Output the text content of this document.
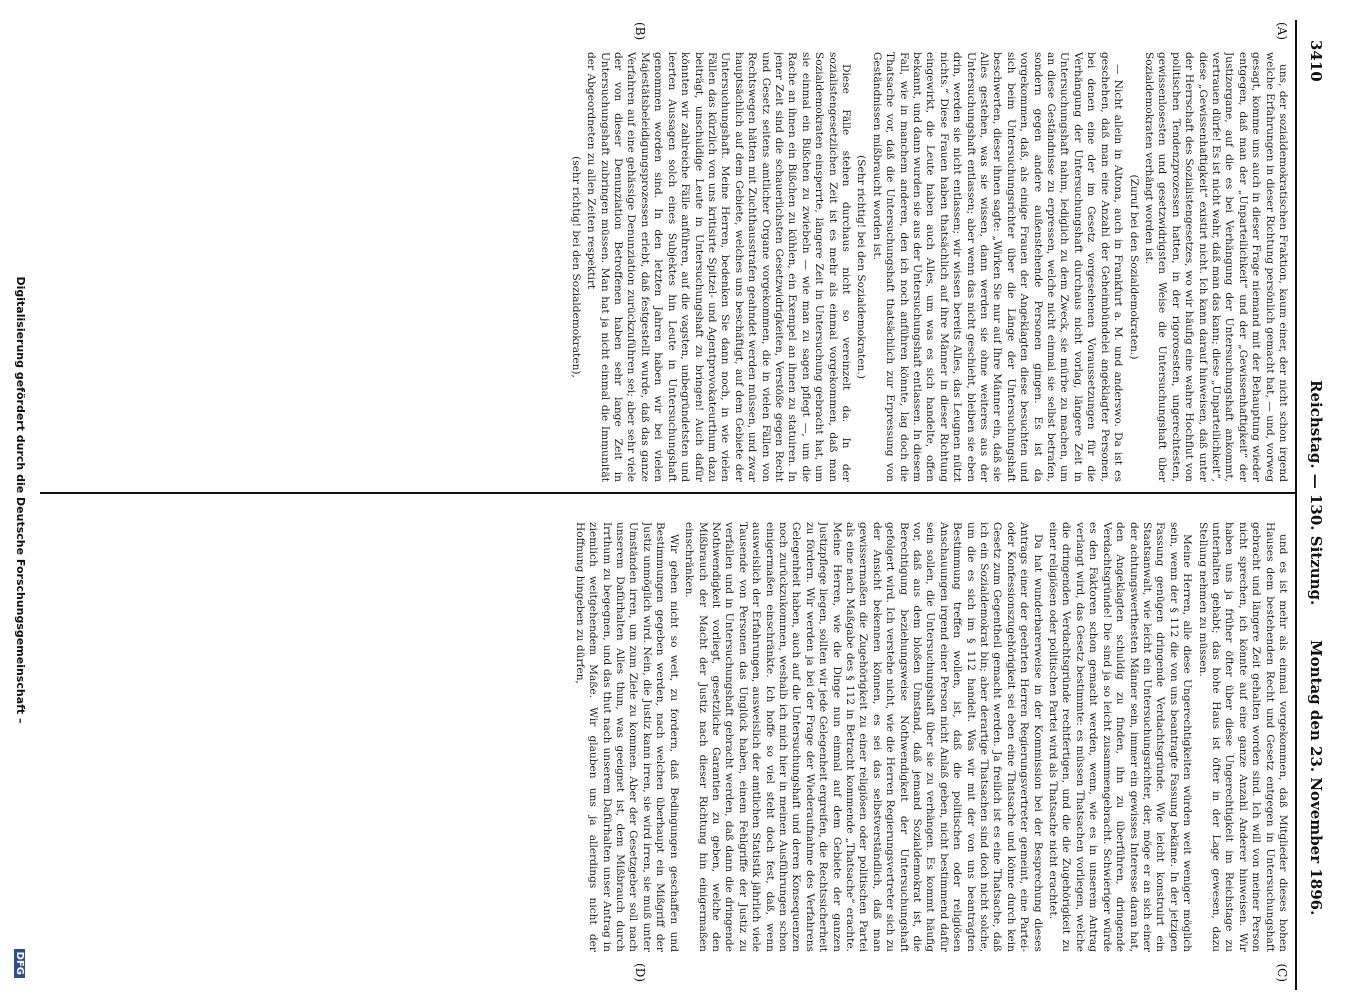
3410
Reichstag. — 130. Sitzung.
Montag den 23. November 1896.
(A)
(B)
(C)
(D)

uns, der sozialdemokratischen Fraktion, kaum einer, der nicht schon irgend welche Erfahrungen in dieser Richtung persönlich gemacht hat, — und, vorweg gesagt, komme uns auch in dieser Frage niemand mit der Behauptung wieder entgegen, daß man der „Unparteilichkeit“ und der „Gewissenhaftigkeit“ der Justizorgane, auf die es bei Verhängung der Untersuchungshaft ankommt, vertrauen dürfe! Es ist nicht wahr, daß man das kann; diese „Unparteilichkeit“, diese „Gewissenhaftigkeit“ existirt nicht. Ich kann darauf hinweisen, daß unter der Herrschaft des Sozialistengesetzes, wo wir häufig eine wahre Hochflut von politischen Tendenzprozessen hatten, in der rigorosesten, ungerechtesten, gewissenlosesten und gesetzwidrigsten Weise die Untersuchungshaft über Sozialdemokraten verhängt worden ist.

(Zuruf bei den Sozialdemokraten.)

— Nicht allein in Altona, auch in Frankfurt a. M. und anderswo. Da ist es geschehen, daß man eine Anzahl der Geheimbündelei angeklagter Personen, bei denen eine der im Gesetz vorgesehenen Voraussetzungen für die Verhängung der Untersuchungshaft durchaus nicht vorlag, längere Zeit in Untersuchungshaft nahm, lediglich zu dem Zweck, sie mürbe zu machen, um an diese Geständnisse zu erpressen, welche nicht einmal sie selbst betrafen, sondern gegen andere außenstehende Personen gingen. Es ist da vorgekommen, daß, als einige Frauen der Angeklagten diese besuchten und sich beim Untersuchungsrichter über die Länge der Untersuchungshaft beschwerten, dieser ihnen sagte: „Wirken Sie nur auf Ihre Männer ein, daß sie Alles gestehen, was sie wissen, dann werden sie ohne weiteres aus der Untersuchungshaft entlassen; aber wenn das nicht geschieht, bleiben sie eben drin, werden sie nicht entlassen; wir wissen bereits Alles, das Leugnen nützt nichts.“ Diese Frauen haben thatsächlich auf ihre Männer in dieser Richtung eingewirkt, die Leute haben auch Alles, um was es sich handelte, offen bekannt, und dann wurden sie aus der Untersuchungshaft entlassen. In diesem Fall, wie in manchem anderen, den ich noch anführen könnte, lag doch die Thatsache vor, daß die Untersuchungshaft thatsächlich zur Erpressung von Geständnissen mißbraucht worden ist.

(Sehr richtig! bei den Sozialdemokraten.)

Diese Fälle stehen durchaus nicht so vereinzelt da. In der sozialistengesetzlichen Zeit ist es mehr als einmal vorgekommen, daß man Sozialdemokraten einsperrte, längere Zeit in Untersuchung gebracht hat, um sie einmal ein Bißchen zu zwiebeln — wie man zu sagen pflegt —, um die Rache an ihnen ein Bißchen zu kühlen, ein Exempel an ihnen zu statuiren. In jener Zeit sind die schauerlichsten Gesetzwidrigkeiten, Verstöße gegen Recht und Gesetz seitens amtlicher Organe vorgekommen, die in vielen Fällen von Rechtswegen hätten mit Zuchthausstrafen geahndet werden müssen, und zwar hauptsächlich auf dem Gebiete, welches uns beschäftigt, auf dem Gebiete der Untersuchungshaft. Meine Herren, bedenken Sie dann noch, in wie vielen Fällen das kürzlich von uns kritisirte Spitzel- und Agentprovokateurthum dazu beiträgt, unschuldige Leute in Untersuchungshaft zu bringen! Auch dafür könnten wir zahlreiche Fälle anführen, auf die vagsten, unbegründetsten und leerten Aussagen solch eines Subjektes hin Leute in Untersuchungshaft genommen worden sind. In den letzten Jahren haben wir bei vielen Majestätsbeleidigungsprozessen erlebt, daß festgestellt wurde, daß das ganze Verfahren auf eine gehässige Denunziation zurückzuführen sei; aber sehr viele der von dieser Denunziation Betroffenen haben sehr lange Zeit in Untersuchungshaft zubringen müssen. Man hat ja nicht einmal die Immunität der Abgeordneten zu allen Zeiten respektirt

(sehr richtig! bei den Sozialdemokraten),

und es ist mehr als einmal vorgekommen, daß Mitglieder dieses hohen Hauses dem bestehenden Recht und Gesetz entgegen in Untersuchungshaft gebracht und längere Zeit gehalten worden sind. Ich will von meiner Person nicht sprechen, ich könnte auf eine ganze Anzahl Anderer hinweisen. Wir haben uns ja früher öfter über diese Ungerechtigkeit im Reichstage zu unterhalten gehabt; das hohe Haus ist öfter in der Lage gewesen, dazu Stellung nehmen zu müssen.

Meine Herren, alle diese Ungerechtigkeiten würden weit weniger möglich sein, wenn der § 112 die von uns beantragte Fassung bekäme. In der jetzigen Fassung genügen dringende Verdachtsgründe. Wie leicht konstruirt ein Staatsanwalt, wie leicht ein Untersuchungsrichter, der, möge er an sich einer der achtungswerthesten Männer sein, immer ein gewisses Interesse daran hat, den Angeklagten schuldig zu finden, ihn zu überführen, dringende Verdachtsgründe! Die sind ja so leicht zusammengebracht. Schwieriger würde es den Faktoren schon gemacht werden, wenn, wie es in unserem Antrag verlangt wird, das Gesetz bestimmte: es müssen Thatsachen vorliegen, welche die dringenden Verdachtsgründe rechtfertigen, und die die Zugehörigkeit zu einer religiösen oder politischen Partei wird als Thatsache nicht erachtet.

Da hat wunderbarerweise in der Kommission bei der Besprechung dieses Antrags einer der geehrten Herren Regierungsvertreter gemeint, eine Partei- oder Konfessionszugehörigkeit sei eben eine Thatsache und könne durch kein Gesetz zum Gegentheil gemacht werden. Ja freilich ist es eine Thatsache, daß ich ein Sozialdemokrat bin; aber derartige Thatsachen sind doch nicht solche, um die es sich im § 112 handelt. Was wir mit der von uns beantragten Bestimmung treffen wollen, ist, daß die politischen oder religiösen Anschauungen irgend einer Person nicht Anlaß geben, nicht bestimmend dafür sein sollen, die Untersuchungshaft über sie zu verhängen. Es kommt häufig vor, daß aus dem bloßen Umstand, daß jemand Sozialdemokrat ist, die Berechtigung beziehungsweise Nothwendigkeit der Untersuchungshaft gefolgert wird. Ich verstehe nicht, wie die Herren Regierungsvertreter sich zu der Ansicht bekennen können, es sei das selbstverständlich, daß man gewissermaßen die Zugehörigkeit zu einer religiösen oder politischen Partei als eine nach Maßgabe des § 112 in Betracht kommende „Thatsache“ erachte. Meine Herren, wie die Dinge nun einmal auf dem Gebiete der ganzen Justizpflege liegen, sollten wir jede Gelegenheit ergreifen, die Rechtssicherheit zu fördern. Wir werden ja bei der Frage der Wiederaufnahme des Verfahrens Gelegenheit haben, auch auf die Untersuchungshaft und deren Konsequenzen noch zurückzukommen, weshalb ich mich hier in meinen Ausführungen schon einigermaßen einschränkte. Ich hoffe so viel steht doch fest, daß, wenn ausweislich der Erfahrungen, ausweislich der amtlichen Statistik jährlich viele Tausende von Personen das Unglück haben, einem Fehlgriffe der Justiz zu verfallen und in Untersuchungshaft gebracht werden, daß dann die dringende Nothwendigkeit vorliegt, gesetzliche Garantien zu geben, welche den Mißbrauch der Macht der Justiz nach dieser Richtung hin einigermaßen einschränken.

Wir gehen nicht so weit, zu fordern, daß Bedingungen geschaffen und Bestimmungen gegeben werden, nach welchen überhaupt ein Mißgriff der Justiz unmöglich wird. Nein, die Justiz kann irren, sie wird irren, sie muß unter Umständen irren, um zum Ziele zu kommen. Aber der Gesetzgeber soll nach unserem Dafürhalten Alles thun, was geeignet ist, dem Mißbrauch durch Irrthum zu begegnen, und das thut nach unserem Dafürhalten unser Antrag in ziemlich weitgehendem Maße. Wir glauben uns ja allerdings nicht der Hoffnung hingeben zu dürfen,

Digitalisierung gefördert durch die Deutsche Forschungsgemeinschaft –
DFG
